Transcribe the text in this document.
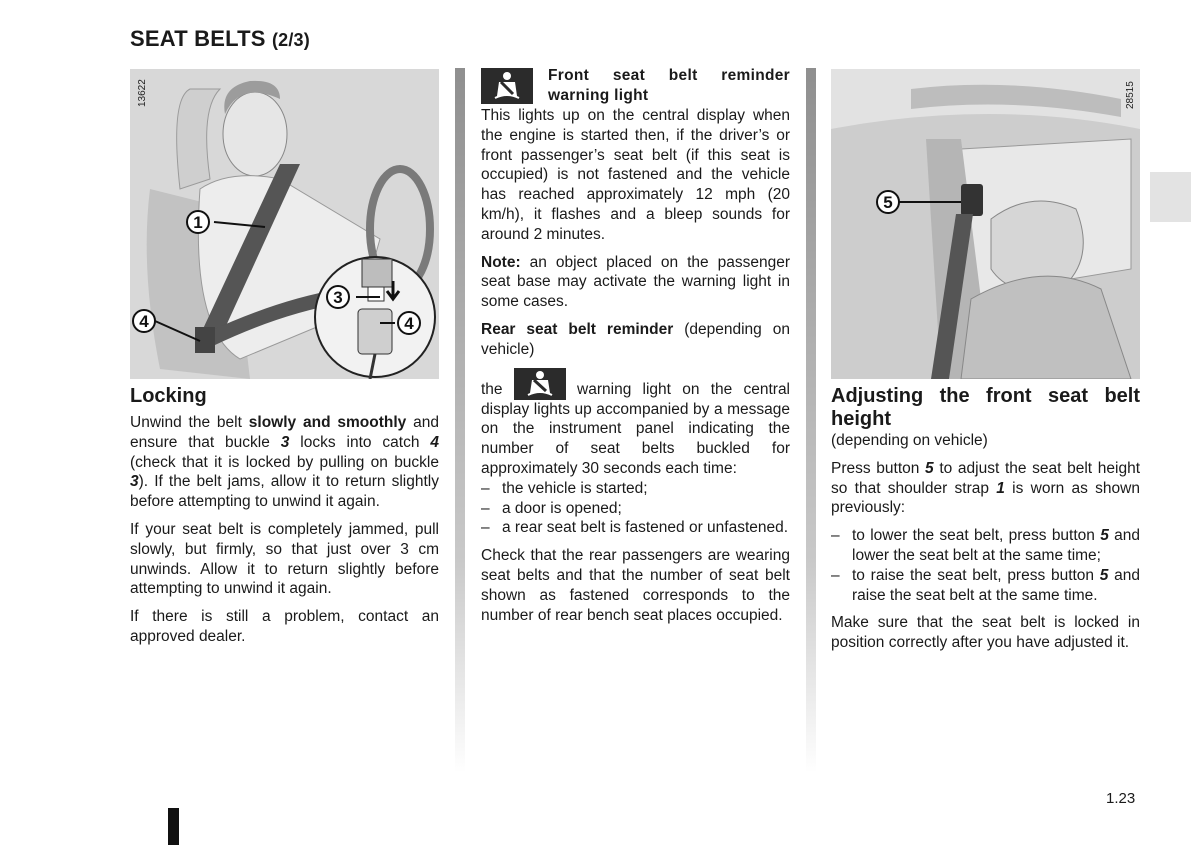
SEAT BELTS (2/3)
1
3
4	4
13622
Locking

Unwind the belt slowly and smoothly and ensure that buckle 3 locks into catch 4 (check that it is locked by pulling on buckle 3). If the belt jams, allow it to return slightly before attempting to unwind it again.

If your seat belt is completely jammed, pull slowly, but firmly, so that just over 3 cm unwinds. Allow it to return slightly before attempting to unwind it again.

If there is still a problem, contact an approved dealer.

Front seat belt reminder warning light

This lights up on the central display when the engine is started then, if the driver’s or front passenger’s seat belt (if this seat is occupied) is not fastened and the vehicle has reached approximately 12 mph (20 km/h), it flashes and a bleep sounds for around 2 minutes.

Note: an object placed on the passenger seat base may activate the warning light in some cases.

Rear seat belt reminder (depending on vehicle)

the	warning light on the central display lights up accompanied by a message on the instrument panel indicating the number of seat belts buckled for approximately 30 seconds each time:

– the vehicle is started;

– a door is opened;

– a rear seat belt is fastened or unfastened.

Check that the rear passengers are wearing seat belts and that the number of seat belt shown as fastened corresponds to the number of rear bench seat places occupied.

5
28515
Adjusting the front seat belt height

(depending on vehicle)

Press button 5 to adjust the seat belt height so that shoulder strap 1 is worn as shown previously:

– to lower the seat belt, press button 5 and lower the seat belt at the same time;

– to raise the seat belt, press button 5 and raise the seat belt at the same time.

Make sure that the seat belt is locked in position correctly after you have adjusted it.

1.23
